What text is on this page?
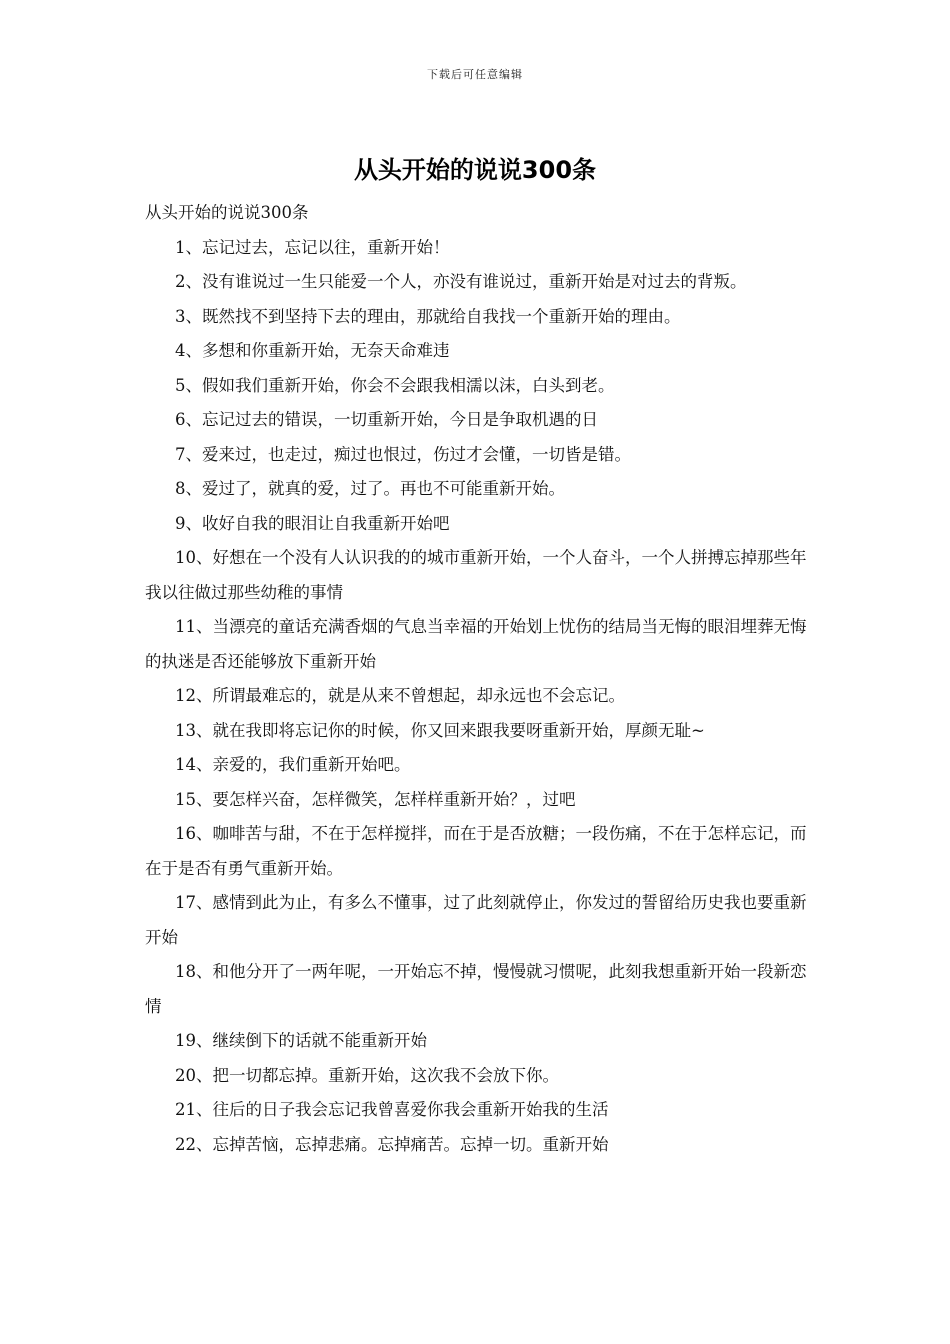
下载后可任意编辑
从头开始的说说300条

从头开始的说说300条

1、忘记过去，忘记以往，重新开始！

2、没有谁说过一生只能爱一个人，亦没有谁说过，重新开始是对过去的背叛。

3、既然找不到坚持下去的理由，那就给自我找一个重新开始的理由。

4、多想和你重新开始，无奈天命难违

5、假如我们重新开始，你会不会跟我相濡以沫，白头到老。

6、忘记过去的错误，一切重新开始，今日是争取机遇的日

7、爱来过，也走过，痴过也恨过，伤过才会懂，一切皆是错。

8、爱过了，就真的爱，过了。再也不可能重新开始。

9、收好自我的眼泪让自我重新开始吧

10、好想在一个没有人认识我的的城市重新开始，一个人奋斗，一个人拼搏忘掉那些年我以往做过那些幼稚的事情

11、当漂亮的童话充满香烟的气息当幸福的开始划上忧伤的结局当无悔的眼泪埋葬无悔的执迷是否还能够放下重新开始

12、所谓最难忘的，就是从来不曾想起，却永远也不会忘记。

13、就在我即将忘记你的时候，你又回来跟我要呀重新开始，厚颜无耻~

14、亲爱的，我们重新开始吧。

15、要怎样兴奋，怎样微笑，怎样样重新开始？，过吧

16、咖啡苦与甜，不在于怎样搅拌，而在于是否放糖；一段伤痛，不在于怎样忘记，而在于是否有勇气重新开始。

17、感情到此为止，有多么不懂事，过了此刻就停止，你发过的誓留给历史我也要重新开始

18、和他分开了一两年呢，一开始忘不掉，慢慢就习惯呢，此刻我想重新开始一段新恋情

19、继续倒下的话就不能重新开始

20、把一切都忘掉。重新开始，这次我不会放下你。

21、往后的日子我会忘记我曾喜爱你我会重新开始我的生活

22、忘掉苦恼，忘掉悲痛。忘掉痛苦。忘掉一切。重新开始
